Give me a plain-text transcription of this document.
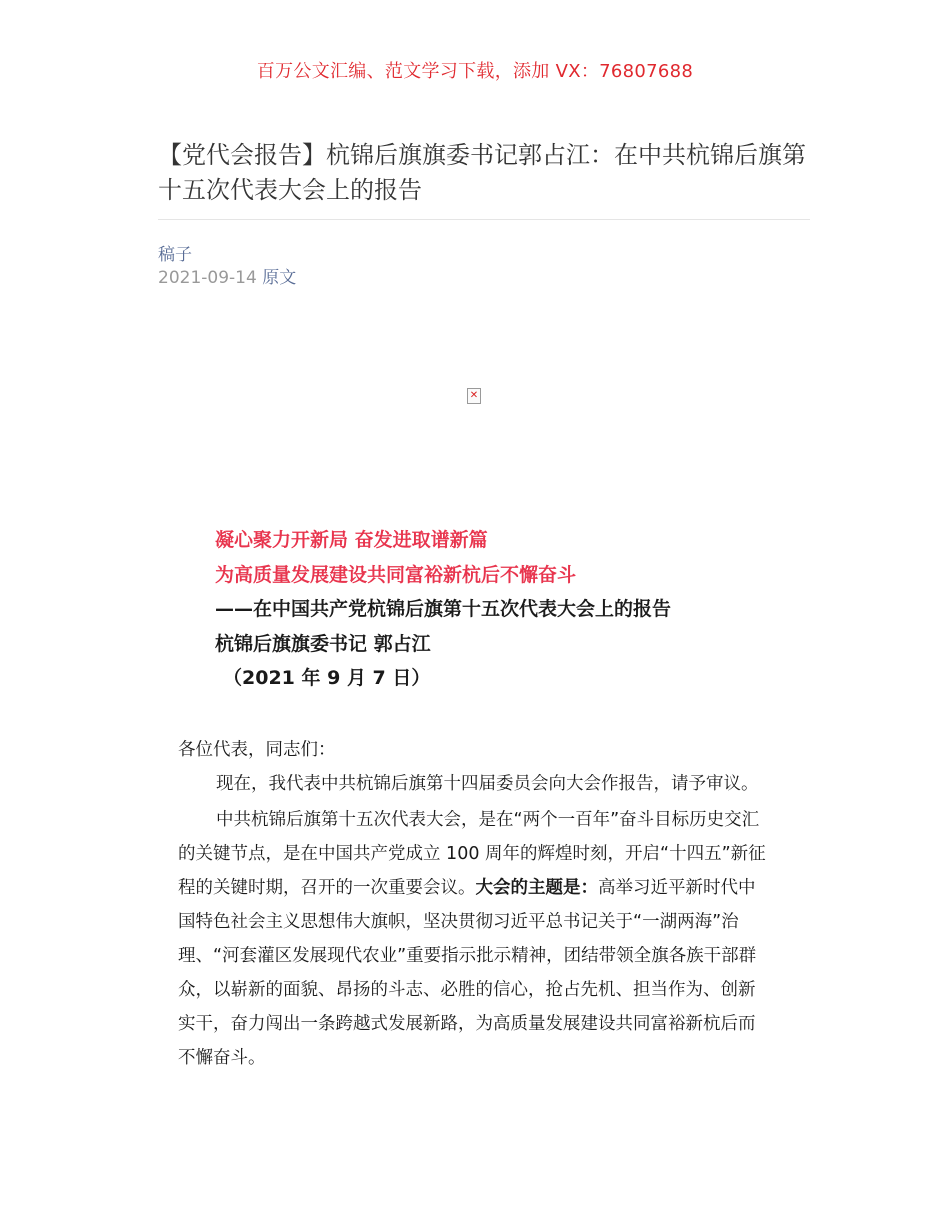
百万公文汇编、范文学习下载，添加 VX：76807688
【党代会报告】杭锦后旗旗委书记郭占江：在中共杭锦后旗第十五次代表大会上的报告
稿子
2021-09-14 原文
✕
凝心聚力开新局 奋发进取谱新篇
为高质量发展建设共同富裕新杭后不懈奋斗
——在中国共产党杭锦后旗第十五次代表大会上的报告
杭锦后旗旗委书记 郭占江
（2021 年 9 月 7 日）

各位代表，同志们：

现在，我代表中共杭锦后旗第十四届委员会向大会作报告，请予审议。

中共杭锦后旗第十五次代表大会，是在“两个一百年”奋斗目标历史交汇的关键节点，是在中国共产党成立 100 周年的辉煌时刻，开启“十四五”新征程的关键时期，召开的一次重要会议。大会的主题是：高举习近平新时代中国特色社会主义思想伟大旗帜，坚决贯彻习近平总书记关于“一湖两海”治理、“河套灌区发展现代农业”重要指示批示精神，团结带领全旗各族干部群众，以崭新的面貌、昂扬的斗志、必胜的信心，抢占先机、担当作为、创新实干，奋力闯出一条跨越式发展新路，为高质量发展建设共同富裕新杭后而不懈奋斗。
